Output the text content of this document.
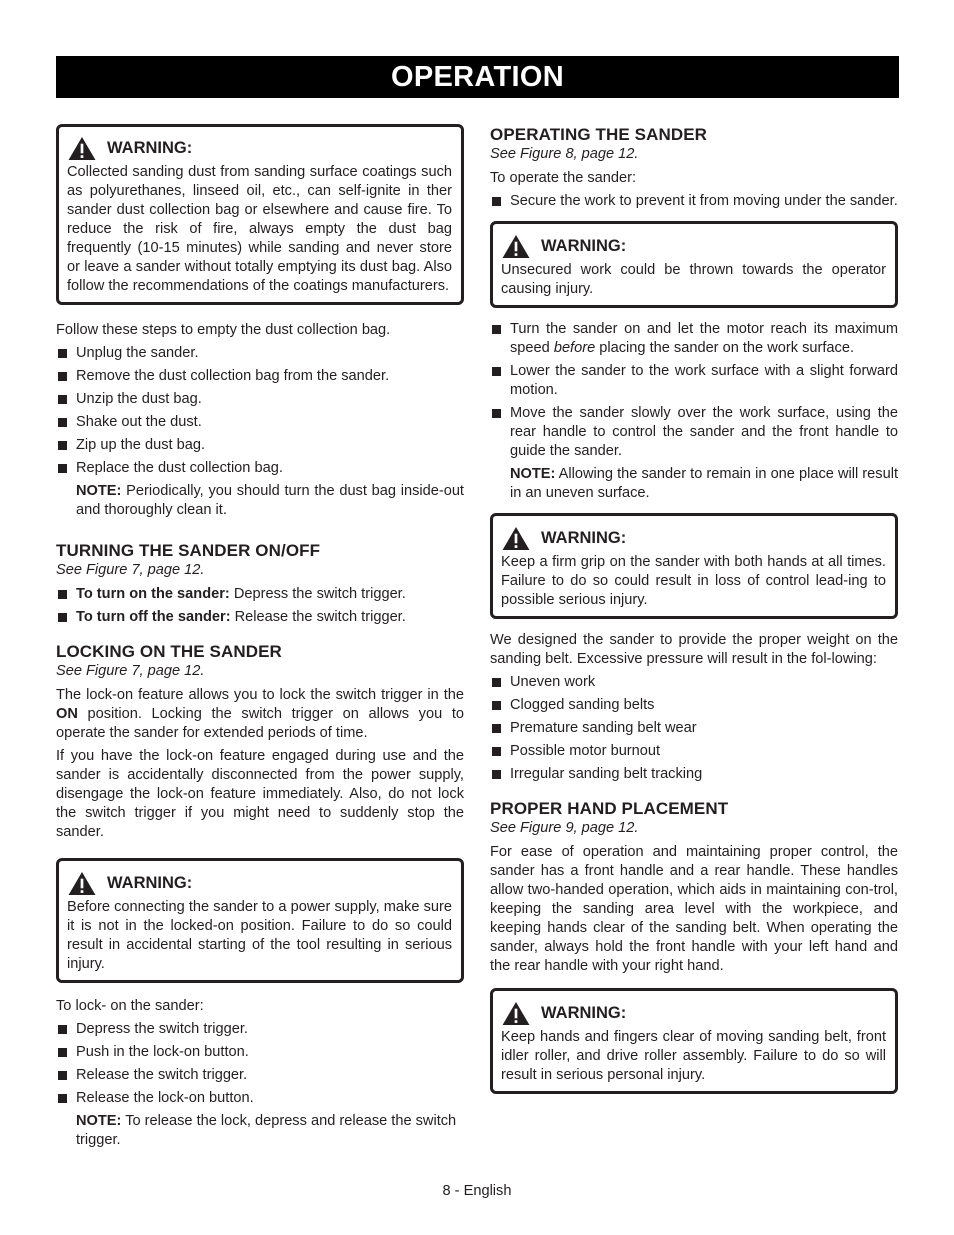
OPERATION
WARNING:

Collected sanding dust from sanding surface coatings such as polyurethanes, linseed oil, etc., can self-ignite in ther sander dust collection bag or elsewhere and cause fire. To reduce the risk of fire, always empty the dust bag frequently (10-15 minutes) while sanding and never store or leave a sander without totally emptying its dust bag. Also follow the recommendations of the coatings manufacturers.

Follow these steps to empty the dust collection bag.

Unplug the sander.
Remove the dust collection bag from the sander.
Unzip the dust bag.
Shake out the dust.
Zip up the dust bag.
Replace the dust collection bag.

NOTE: Periodically, you should turn the dust bag inside-out and thoroughly clean it.

TURNING THE SANDER ON/OFF

See Figure 7, page 12.

To turn on the sander: Depress the switch trigger.
To turn off the sander: Release the switch trigger.
LOCKING ON THE SANDER

See Figure 7, page 12.

The lock-on feature allows you to lock the switch trigger in the ON position. Locking the switch trigger on allows you to operate the sander for extended periods of time.

If you have the lock-on feature engaged during use and the sander is accidentally disconnected from the power supply, disengage the lock-on feature immediately. Also, do not lock the switch trigger if you might need to suddenly stop the sander.

WARNING:

Before connecting the sander to a power supply, make sure it is not in the locked-on position. Failure to do so could result in accidental starting of the tool resulting in serious injury.

To lock- on the sander:

Depress the switch trigger.
Push in the lock-on button.
Release the switch trigger.
Release the lock-on button.

NOTE: To release the lock, depress and release the switch trigger.

OPERATING THE SANDER

See Figure 8, page 12.

To operate the sander:

Secure the work to prevent it from moving under the sander.
WARNING:

Unsecured work could be thrown towards the operator causing injury.

Turn the sander on and let the motor reach its maximum speed before placing the sander on the work surface.
Lower the sander to the work surface with a slight forward motion.
Move the sander slowly over the work surface, using the rear handle to control the sander and the front handle to guide the sander.

NOTE: Allowing the sander to remain in one place will result in an uneven surface.

WARNING:

Keep a firm grip on the sander with both hands at all times. Failure to do so could result in loss of control lead-ing to possible serious injury.

We designed the sander to provide the proper weight on the sanding belt. Excessive pressure will result in the fol-lowing:

Uneven work
Clogged sanding belts
Premature sanding belt wear
Possible motor burnout
Irregular sanding belt tracking
PROPER HAND PLACEMENT

See Figure 9, page 12.

For ease of operation and maintaining proper control, the sander has a front handle and a rear handle. These handles allow two-handed operation, which aids in maintaining con-trol, keeping the sanding area level with the workpiece, and keeping hands clear of the sanding belt. When operating the sander, always hold the front handle with your left hand and the rear handle with your right hand.

WARNING:

Keep hands and fingers clear of moving sanding belt, front idler roller, and drive roller assembly. Failure to do so will result in serious personal injury.

8 - English
